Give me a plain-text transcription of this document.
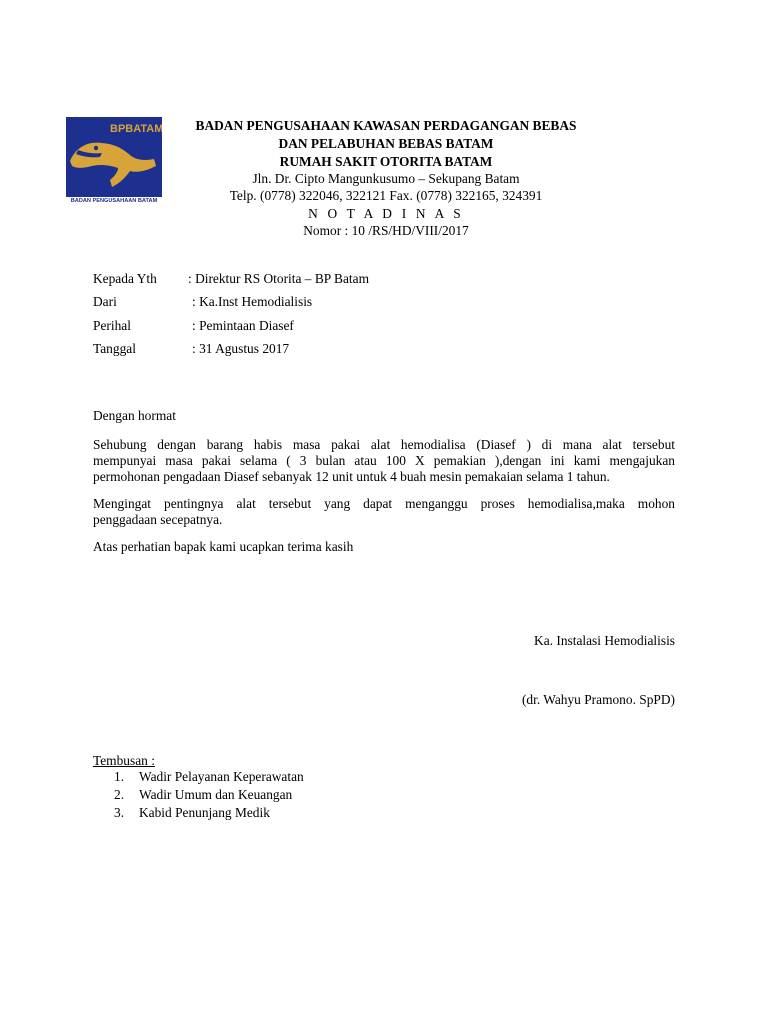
BPBATAM
BADAN PENGUSAHAAN BATAM
BADAN PENGUSAHAAN KAWASAN PERDAGANGAN BEBAS
DAN PELABUHAN BEBAS BATAM
RUMAH SAKIT OTORITA BATAM
Jln. Dr. Cipto Mangunkusumo – Sekupang Batam
Telp. (0778) 322046, 322121 Fax. (0778) 322165, 324391
N O T A D I N A S
Nomor : 10 /RS/HD/VIII/2017
Kepada Yth : Direktur RS Otorita – BP Batam
Dari	: Ka.Inst Hemodialisis
Perihal	: Pemintaan Diasef
Tanggal	: 31 Agustus 2017
Dengan hormat
Sehubung dengan barang habis masa pakai alat hemodialisa (Diasef ) di mana alat tersebut
mempunyai masa pakai selama ( 3 bulan atau 100 X pemakian ),dengan ini kami mengajukan
permohonan pengadaan Diasef sebanyak 12 unit untuk 4 buah mesin pemakaian selama 1 tahun.
Mengingat pentingnya alat tersebut yang dapat menganggu proses hemodialisa,maka mohon
penggadaan secepatnya.
Atas perhatian bapak kami ucapkan terima kasih
Ka. Instalasi Hemodialisis
(dr. Wahyu Pramono. SpPD)
Tembusan :
1. Wadir Pelayanan Keperawatan
2. Wadir Umum dan Keuangan
3. Kabid Penunjang Medik
